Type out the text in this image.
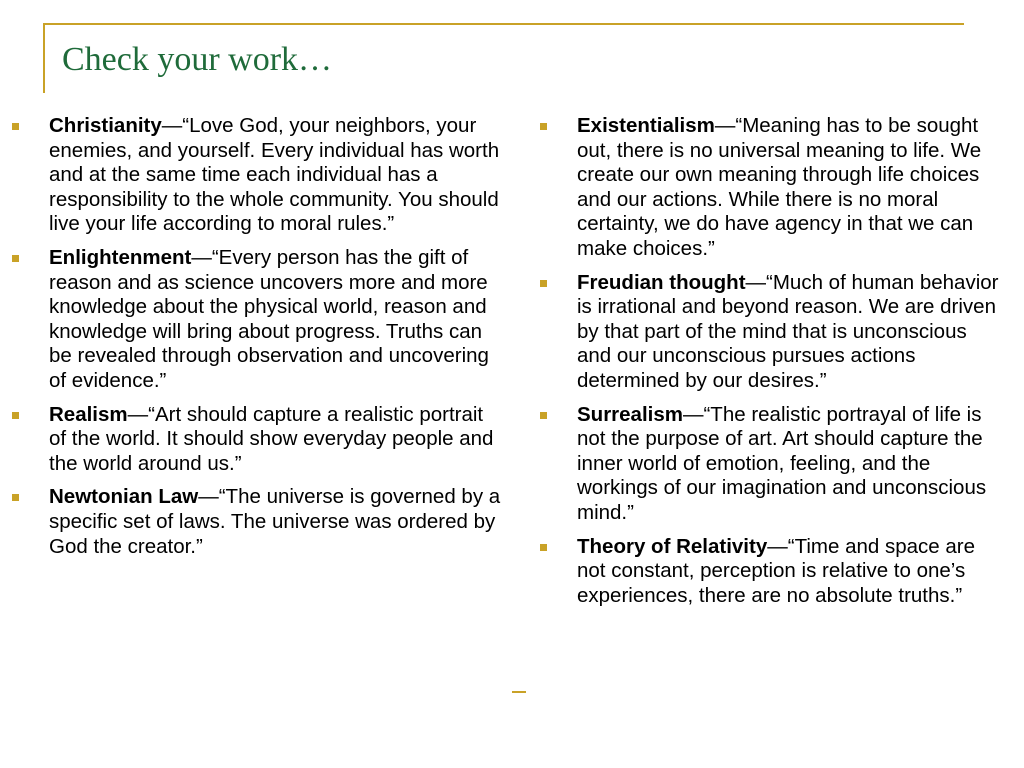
Check your work…
Christianity—“Love God, your neighbors, your enemies, and yourself. Every individual has worth and at the same time each individual has a responsibility to the whole community. You should live your life according to moral rules.”
Enlightenment—“Every person has the gift of reason and as science uncovers more and more knowledge about the physical world, reason and knowledge will bring about progress. Truths can be revealed through observation and uncovering of evidence.”
Realism—“Art should capture a realistic portrait of the world. It should show everyday people and the world around us.”
Newtonian Law—“The universe is governed by a specific set of laws. The universe was ordered by God the creator.”
Existentialism—“Meaning has to be sought out, there is no universal meaning to life. We create our own meaning through life choices and our actions. While there is no moral certainty, we do have agency in that we can make choices.”
Freudian thought—“Much of human behavior is irrational and beyond reason. We are driven by that part of the mind that is unconscious and our unconscious pursues actions determined by our desires.”
Surrealism—“The realistic portrayal of life is not the purpose of art. Art should capture the inner world of emotion, feeling, and the workings of our imagination and unconscious mind.”
Theory of Relativity—“Time and space are not constant, perception is relative to one’s experiences, there are no absolute truths.”
